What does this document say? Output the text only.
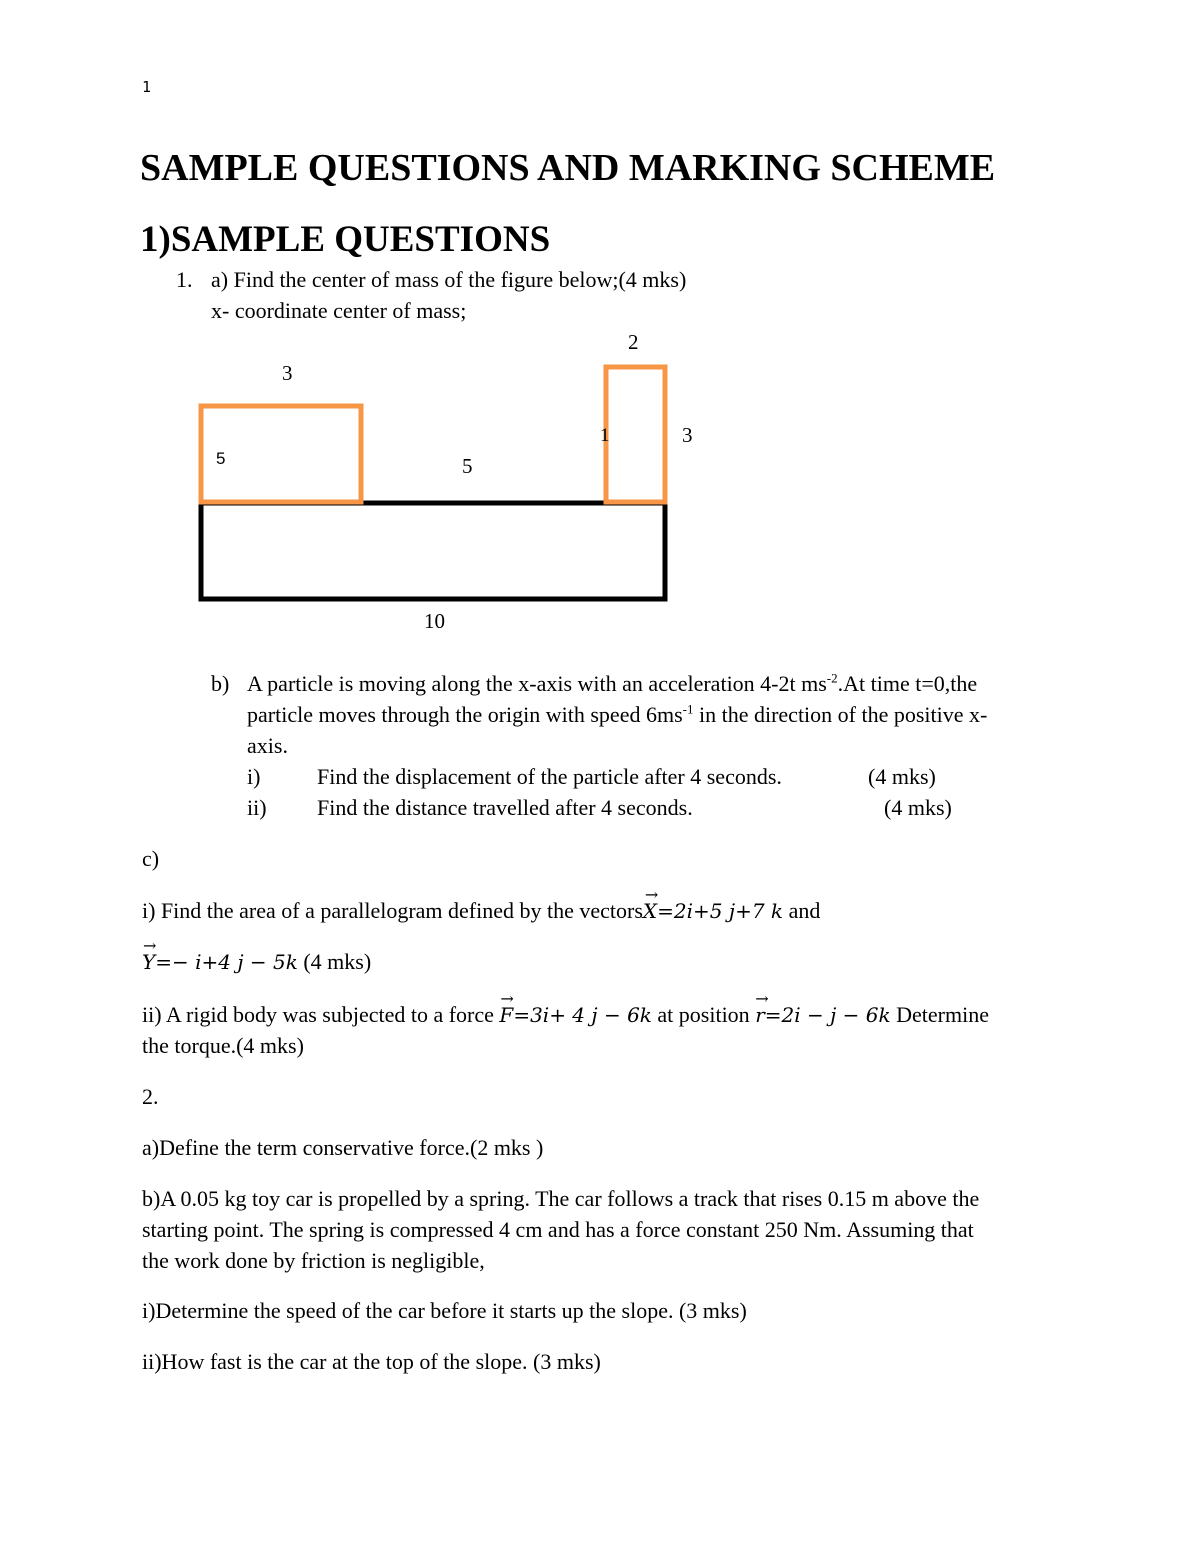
1
SAMPLE QUESTIONS AND MARKING SCHEME
1)SAMPLE QUESTIONS
1. a) Find the center of mass of the figure below;(4 mks)
x- coordinate center of mass;
2
3
5
1	3
5
10
b) A particle is moving along the x-axis with an acceleration 4-2t $ms^{-2}.At$ time t=0,the
particle moves through the origin with speed $6ms^{-1}$ in the direction of the positive x-
axis.
i)	Find the displacement of the particle after 4 seconds.	(4 mks)
ii) Find the distance travelled after 4 seconds.	(4 mks)
c)
i) Find the area of a parallelogram defined by the vectors
→
X=2i+5 j+7 k and
→
Y=− i+4 j − 5k (4 mks)
ii) A rigid body was subjected to a force
→
F=3i+ 4 j − 6k at position
→
r=2i − j − 6k Determine
the torque.(4 mks)
2.
a)Define the term conservative force.(2 mks )
b)A 0.05 kg toy car is propelled by a spring. The car follows a track that rises 0.15 m above the
starting point. The spring is compressed 4 cm and has a force constant 250 Nm. Assuming that
the work done by friction is negligible,
i)Determine the speed of the car before it starts up the slope. (3 mks)
ii)How fast is the car at the top of the slope. (3 mks)
